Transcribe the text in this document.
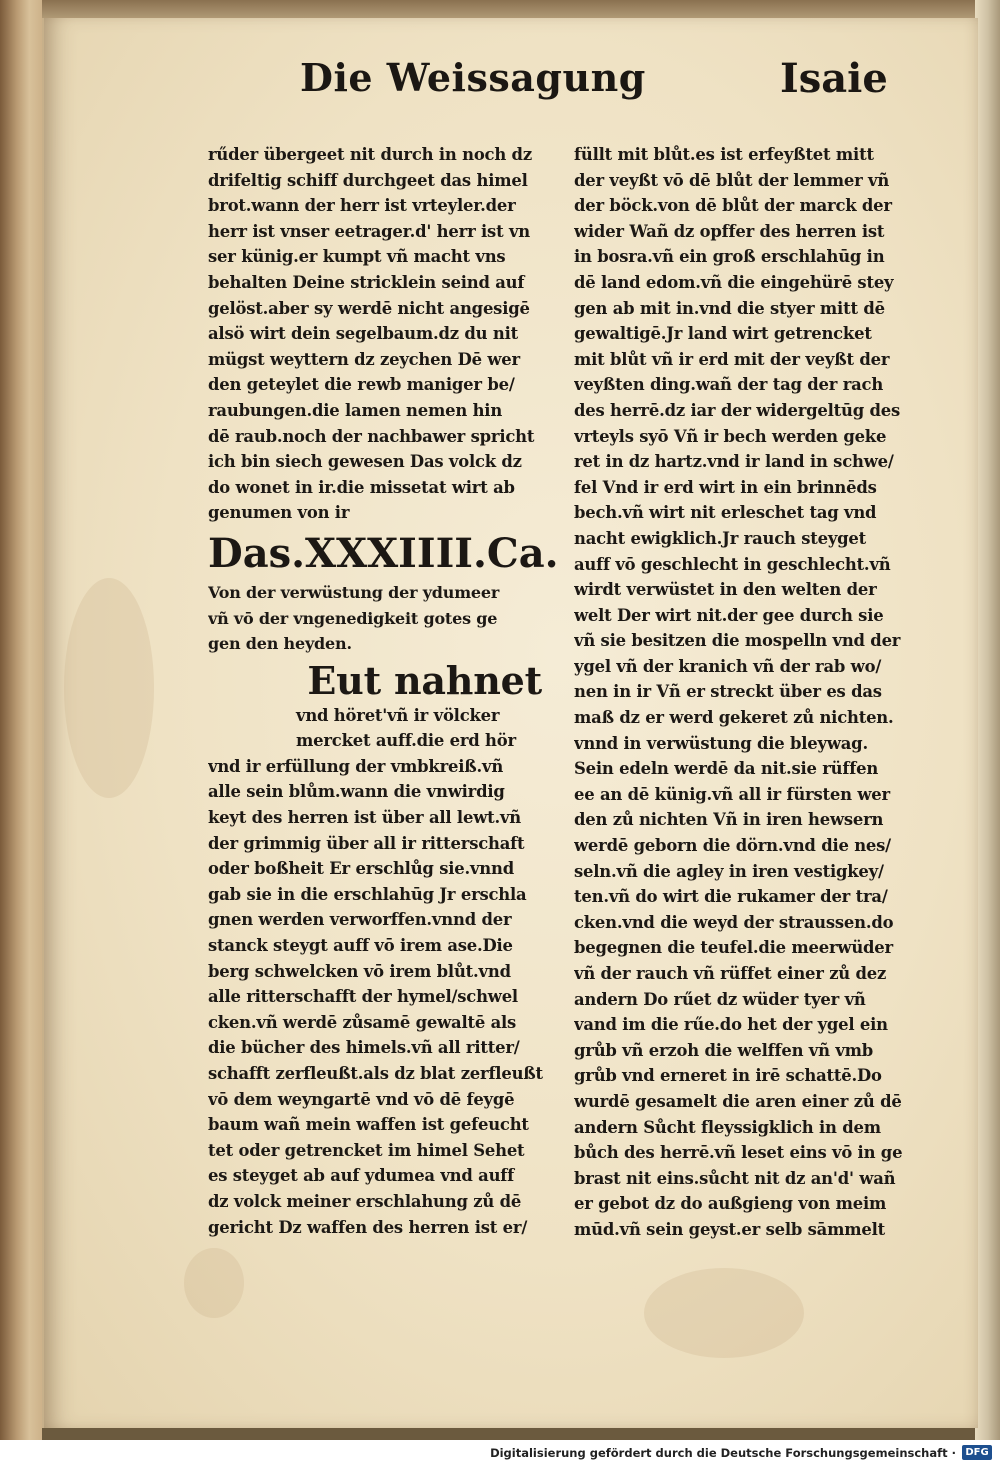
Die Weissagung	Isaie
rűder übergeet nit durch in noch dz
drifeltig schiff durchgeet das himel
brot.wann der herr ist vrteyler.der
herr ist vnser eetrager.d' herr ist vn
ser künig.er kumpt vñ macht vns
behalten Deine stricklein seind auf
gelöst.aber sy werdē nicht angesigē
alsö wirt dein segelbaum.dz du nit
mügst weyttern dz zeychen Dē wer
den geteylet die rewb maniger be/
raubungen.die lamen nemen hin
dē raub.noch der nachbawer spricht
ich bin siech gewesen Das volck dz
do wonet in ir.die missetat wirt ab
genumen von ir
Das.XXXIIII.Ca.
Von der verwüstung der ydumeer
vñ vō der vngenedigkeit gotes ge
gen den heyden.
Eut nahnet
vnd höret'vñ ir völcker
mercket auff.die erd hör
vnd ir erfüllung der vmbkreiß.vñ
alle sein blům.wann die vnwirdig
keyt des herren ist über all lewt.vñ
der grimmig über all ir ritterschaft
oder boßheit Er erschlůg sie.vnnd
gab sie in die erschlahūg Jr erschla
gnen werden verworffen.vnnd der
stanck steygt auff vō irem ase.Die
berg schwelcken vō irem blůt.vnd
alle ritterschafft der hymel/schwel
cken.vñ werdē zůsamē gewaltē als
die bücher des himels.vñ all ritter/
schafft zerfleußt.als dz blat zerfleußt
vō dem weyngartē vnd vō dē feygē
baum wañ mein waffen ist gefeucht
tet oder getrencket im himel Sehet
es steyget ab auf ydumea vnd auff
dz volck meiner erschlahung zů dē
gericht Dz waffen des herren ist er/
füllt mit blůt.es ist erfeyßtet mitt
der veyßt vō dē blůt der lemmer vñ
der böck.von dē blůt der marck der
wider Wañ dz opffer des herren ist
in bosra.vñ ein groß erschlahūg in
dē land edom.vñ die eingehürē stey
gen ab mit in.vnd die styer mitt dē
gewaltigē.Jr land wirt getrencket
mit blůt vñ ir erd mit der veyßt der
veyßten ding.wañ der tag der rach
des herrē.dz iar der widergeltūg des
vrteyls syō Vñ ir bech werden geke
ret in dz hartz.vnd ir land in schwe/
fel Vnd ir erd wirt in ein brinnēds
bech.vñ wirt nit erleschet tag vnd
nacht ewigklich.Jr rauch steyget
auff vō geschlecht in geschlecht.vñ
wirdt verwüstet in den welten der
welt Der wirt nit.der gee durch sie
vñ sie besitzen die mospelln vnd der
ygel vñ der kranich vñ der rab wo/
nen in ir Vñ er streckt über es das
maß dz er werd gekeret zů nichten.
vnnd in verwüstung die bleywag.
Sein edeln werdē da nit.sie rüffen
ee an dē künig.vñ all ir fürsten wer
den zů nichten Vñ in iren hewsern
werdē geborn die dörn.vnd die nes/
seln.vñ die agley in iren vestigkey/
ten.vñ do wirt die rukamer der tra/
cken.vnd die weyd der straussen.do
begegnen die teufel.die meerwüder
vñ der rauch vñ rüffet einer zů dez
andern Do rűet dz wüder tyer vñ
vand im die rűe.do het der ygel ein
grůb vñ erzoh die welffen vñ vmb
grůb vnd erneret in irē schattē.Do
wurdē gesamelt die aren einer zů dē
andern Sůcht fleyssigklich in dem
bůch des herrē.vñ leset eins vō in ge
brast nit eins.sůcht nit dz an'd' wañ
er gebot dz do außgieng von meim
mūd.vñ sein geyst.er selb sāmmelt
Digitalisierung gefördert durch die Deutsche Forschungsgemeinschaft · DFG
